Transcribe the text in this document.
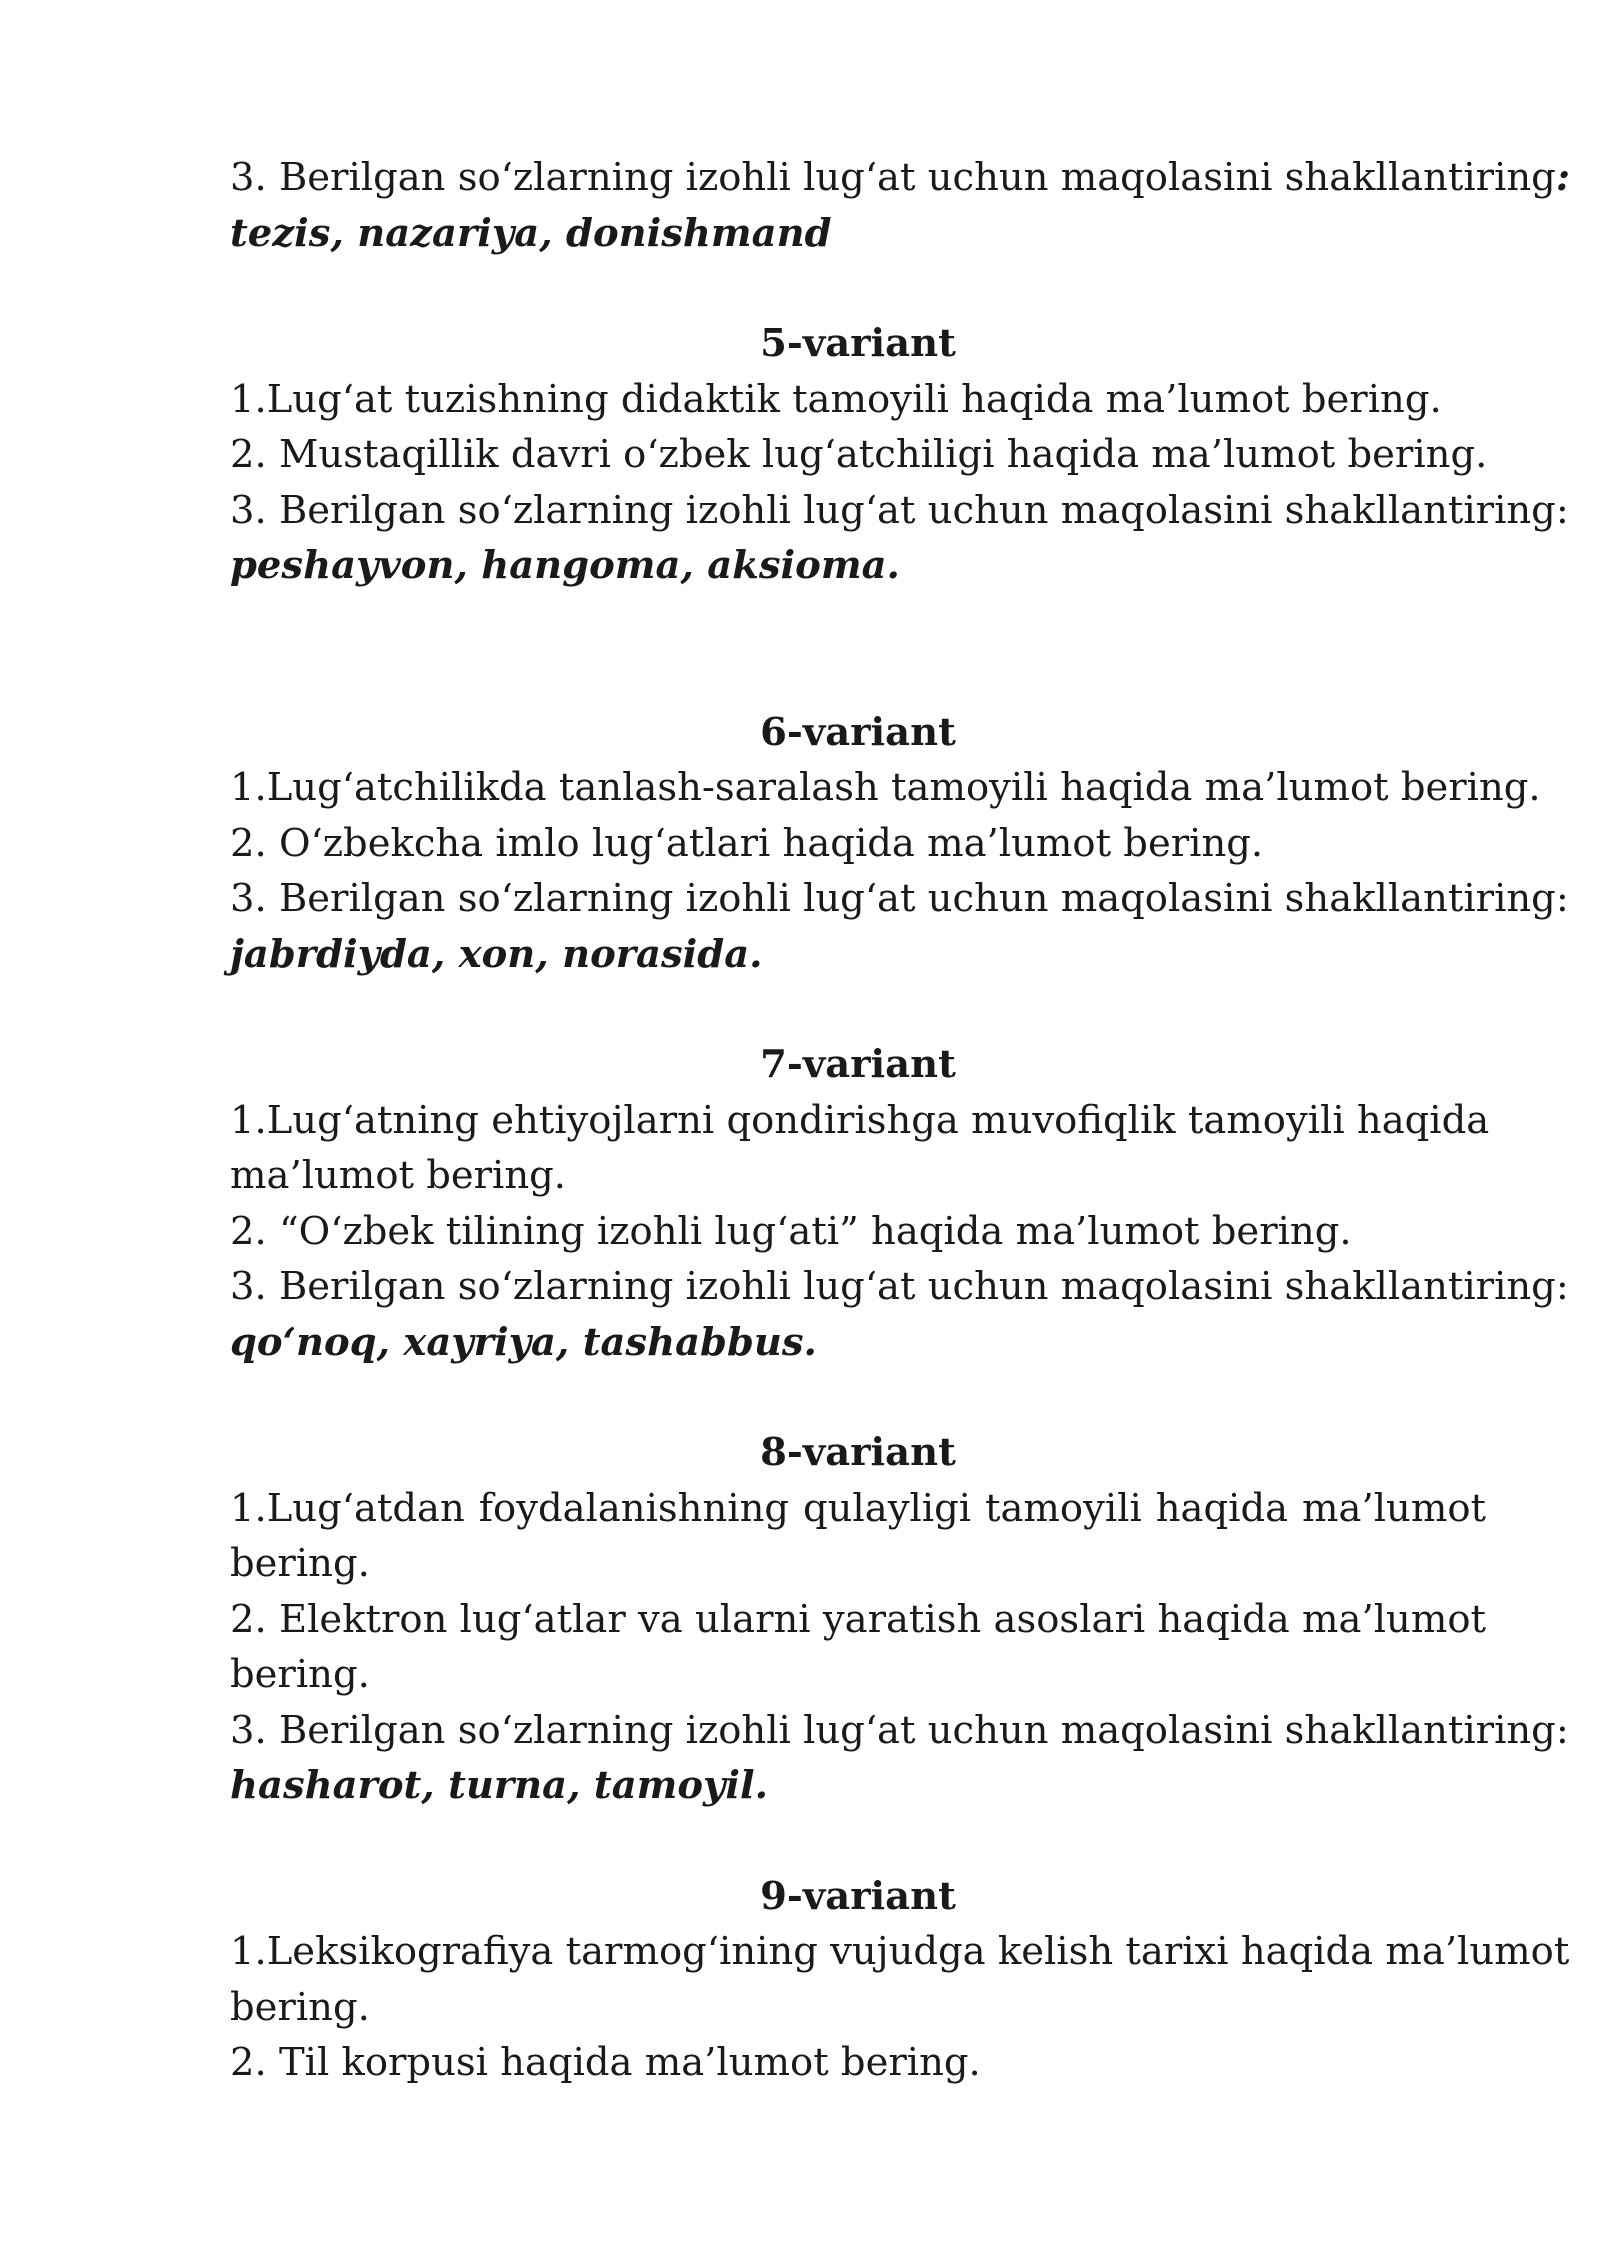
3. Berilgan so‘zlarning izohli lug‘at uchun maqolasini shakllantiring:
tezis, nazariya, donishmand
5-variant
1.Lug‘at tuzishning didaktik tamoyili haqida ma’lumot bering.
2. Mustaqillik davri o‘zbek lug‘atchiligi haqida ma’lumot bering.
3. Berilgan so‘zlarning izohli lug‘at uchun maqolasini shakllantiring:
peshayvon, hangoma, aksioma.
6-variant
1.Lug‘atchilikda tanlash-saralash tamoyili haqida ma’lumot bering.
2. O‘zbekcha imlo lug‘atlari haqida ma’lumot bering.
3. Berilgan so‘zlarning izohli lug‘at uchun maqolasini shakllantiring:
jabrdiyda, xon, norasida.
7-variant
1.Lug‘atning ehtiyojlarni qondirishga muvofiqlik tamoyili haqida
ma’lumot bering.
2. “O‘zbek tilining izohli lug‘ati” haqida ma’lumot bering.
3. Berilgan so‘zlarning izohli lug‘at uchun maqolasini shakllantiring:
qo‘noq, xayriya, tashabbus.
8-variant
1.Lug‘atdan foydalanishning qulayligi tamoyili haqida ma’lumot
bering.
2. Elektron lug‘atlar va ularni yaratish asoslari haqida ma’lumot
bering.
3. Berilgan so‘zlarning izohli lug‘at uchun maqolasini shakllantiring:
hasharot, turna, tamoyil.
9-variant
1.Leksikografiya tarmog‘ining vujudga kelish tarixi haqida ma’lumot
bering.
2. Til korpusi haqida ma’lumot bering.
